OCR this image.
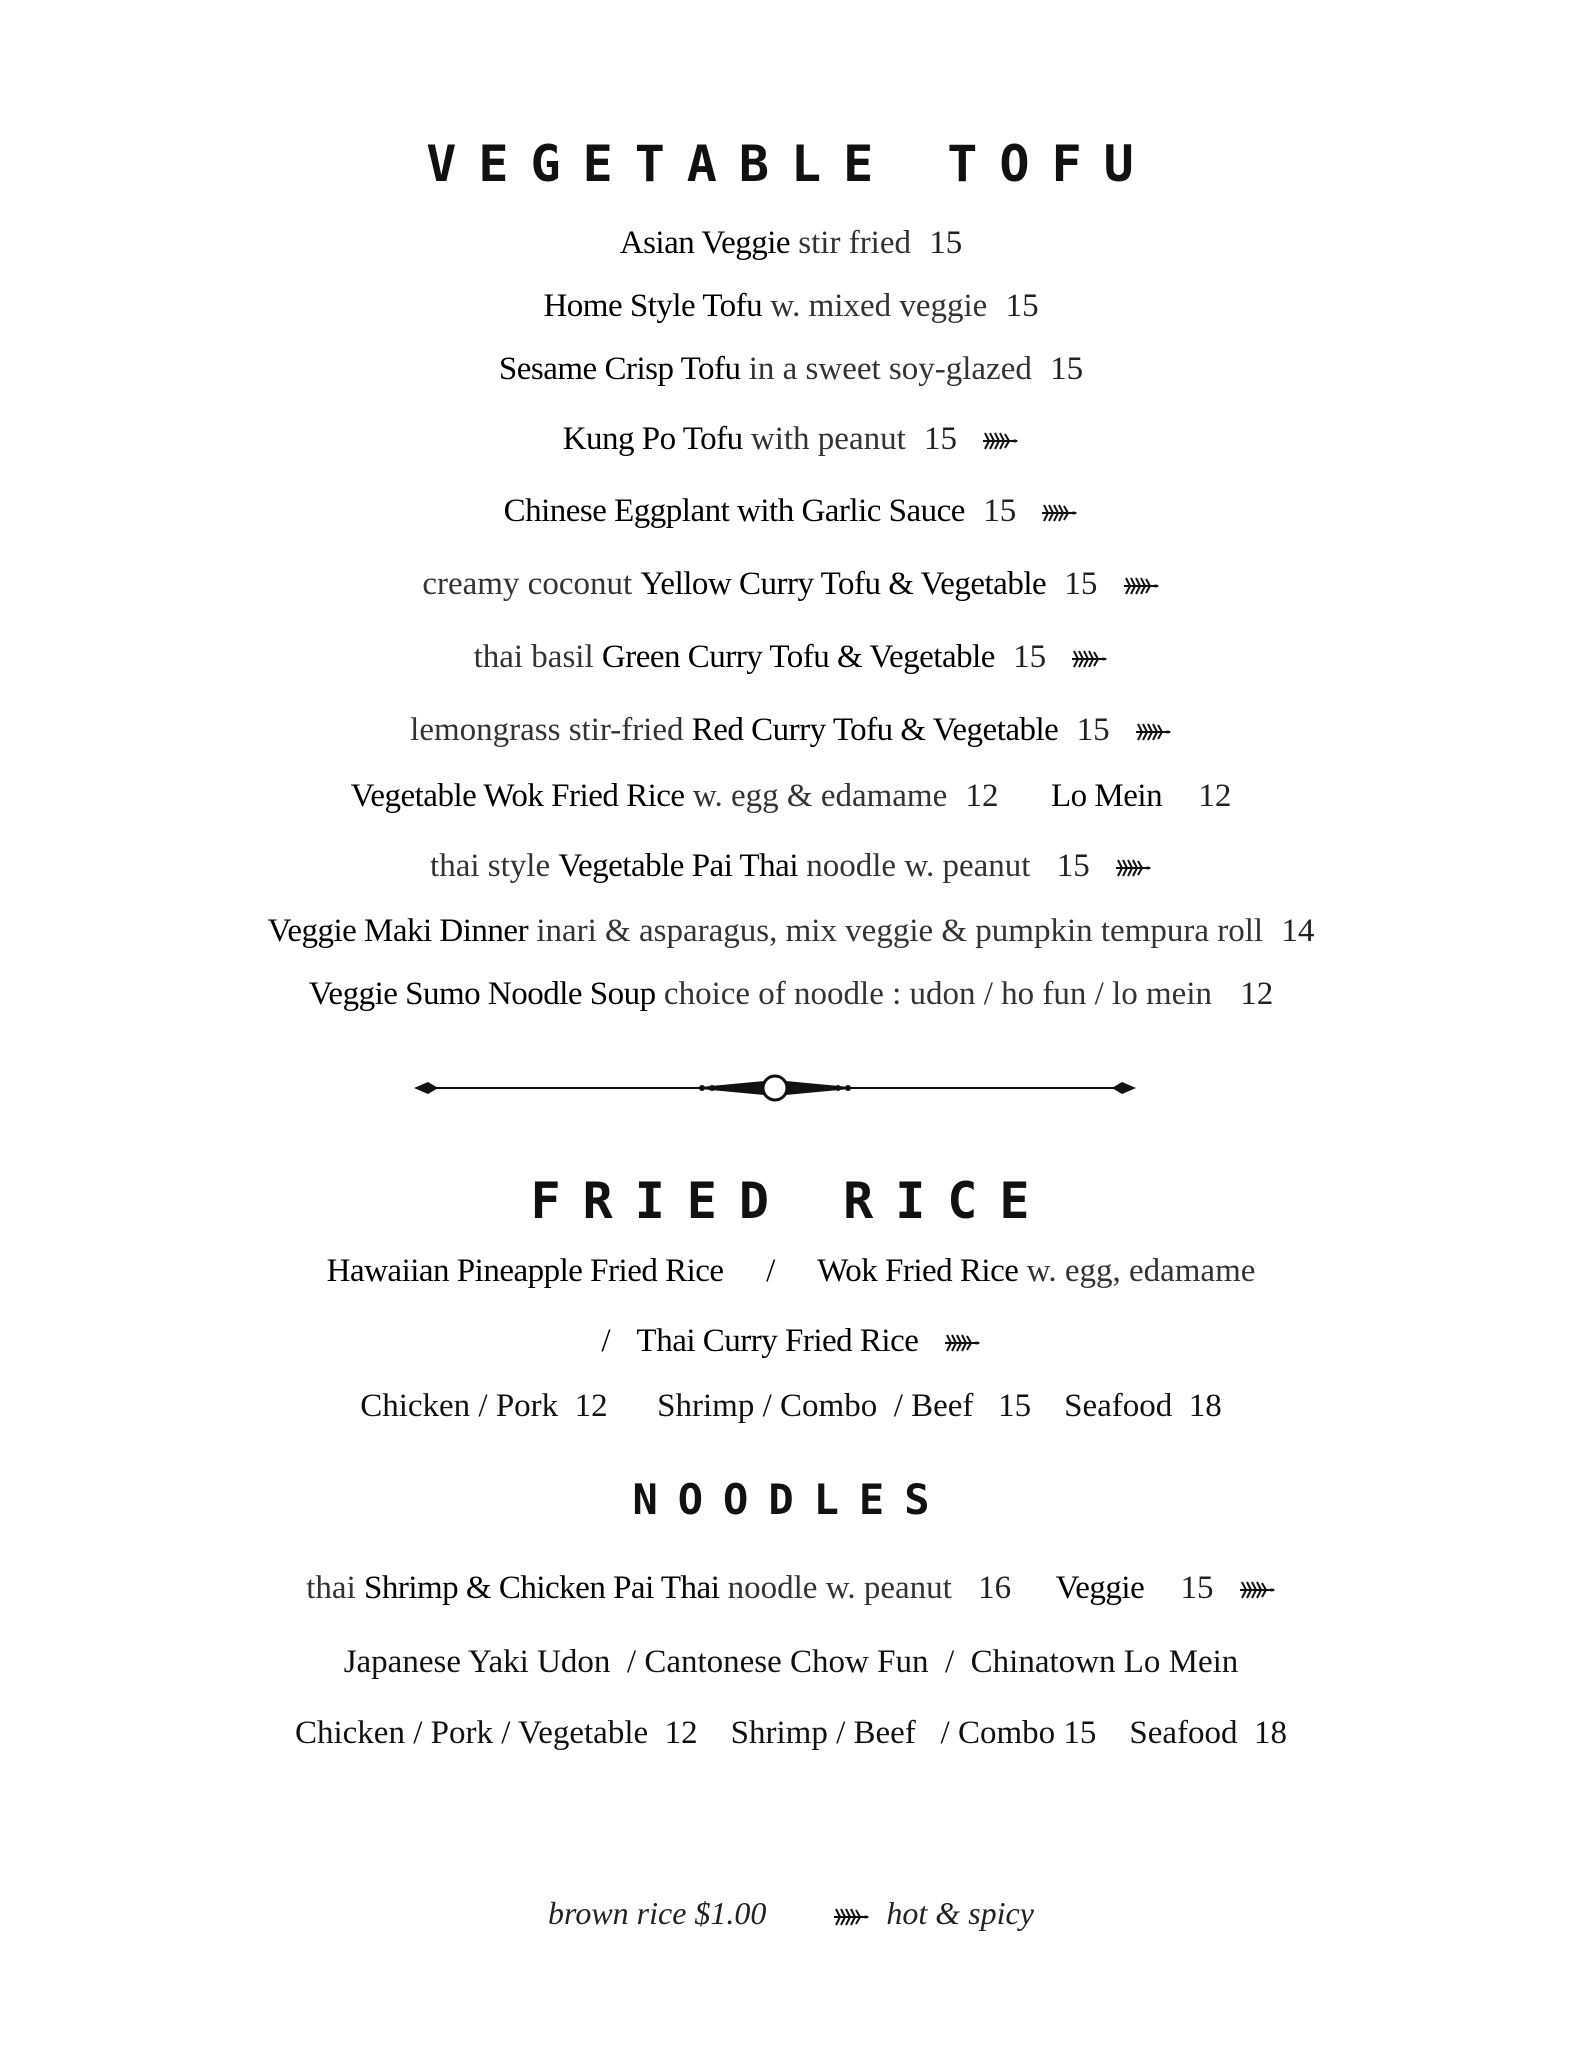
VEGETABLE TOFU
Asian Veggie stir fried 15
Home Style Tofu w. mixed veggie 15
Sesame Crisp Tofu in a sweet soy-glazed 15
Kung Po Tofu with peanut 15
Chinese Eggplant with Garlic Sauce 15
creamy coconut Yellow Curry Tofu & Vegetable 15
thai basil Green Curry Tofu & Vegetable 15
lemongrass stir-fried Red Curry Tofu & Vegetable 15
Vegetable Wok Fried Rice w. egg & edamame 12 Lo Mein 12
thai style Vegetable Pai Thai noodle w. peanut 15
Veggie Maki Dinner inari & asparagus, mix veggie & pumpkin tempura roll 14
Veggie Sumo Noodle Soup choice of noodle : udon / ho fun / lo mein 12
FRIED RICE
Hawaiian Pineapple Fried Rice / Wok Fried Rice w. egg, edamame
/ Thai Curry Fried Rice
Chicken / Pork  12      Shrimp / Combo  / Beef   15    Seafood  18
NOODLES
thai Shrimp & Chicken Pai Thai noodle w. peanut 16 Veggie 15
Japanese Yaki Udon  / Cantonese Chow Fun  /  Chinatown Lo Mein
Chicken / Pork / Vegetable  12    Shrimp / Beef   / Combo 15    Seafood  18
brown rice $1.00	hot & spicy
